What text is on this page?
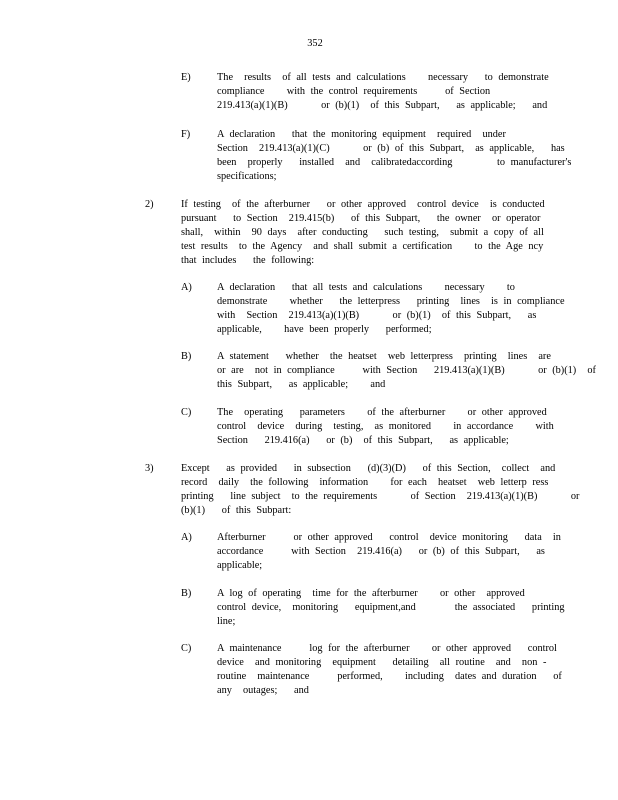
352
E)	The  results  of all tests and calculations    necessary   to demonstrate
compliance    with the control requirements     of Section
219.413(a)(1)(B)      or (b)(1)  of this Subpart,   as applicable;   and
F)	A declaration   that the monitoring equipment  required  under
Section  219.413(a)(1)(C)      or (b) of this Subpart,  as applicable,   has
been  properly   installed  and  calibratedaccording        to manufacturer's
specifications;
2)	If testing  of the afterburner   or other approved  control device  is conducted
pursuant   to Section  219.415(b)   of this Subpart,   the owner  or operator
shall,  within  90 days  after conducting   such testing,  submit a copy of all
test results  to the Agency  and shall submit a certification    to the Age ncy
that includes   the following:
A) A declaration   that all tests and calculations    necessary    to
demonstrate    whether   the letterpress   printing  lines  is in compliance
with  Section  219.413(a)(1)(B)      or (b)(1)  of this Subpart,   as
applicable,    have been properly   performed;
B) A statement   whether  the heatset  web letterpress  printing  lines  are
or are  not in compliance     with Section   219.413(a)(1)(B)      or (b)(1)  of
this Subpart,   as applicable;    and
C) The  operating   parameters    of the afterburner    or other approved
control  device  during  testing,  as monitored    in accordance    with
Section   219.416(a)   or (b)  of this Subpart,   as applicable;
3)	Except   as provided   in subsection   (d)(3)(D)   of this Section,  collect  and
record  daily  the following  information    for each  heatset  web letterp ress
printing   line subject  to the requirements      of Section  219.413(a)(1)(B)      or
(b)(1)   of this Subpart:
A) Afterburner     or other approved   control  device monitoring   data  in
accordance     with Section  219.416(a)   or (b) of this Subpart,   as
applicable;
B) A log of operating  time for the afterburner    or other  approved
control device,  monitoring   equipment,and       the associated   printing
line;
C) A maintenance     log for the afterburner    or other approved   control
device  and monitoring  equipment   detailing  all routine  and  non -
routine  maintenance     performed,    including  dates and duration   of
any  outages;   and
